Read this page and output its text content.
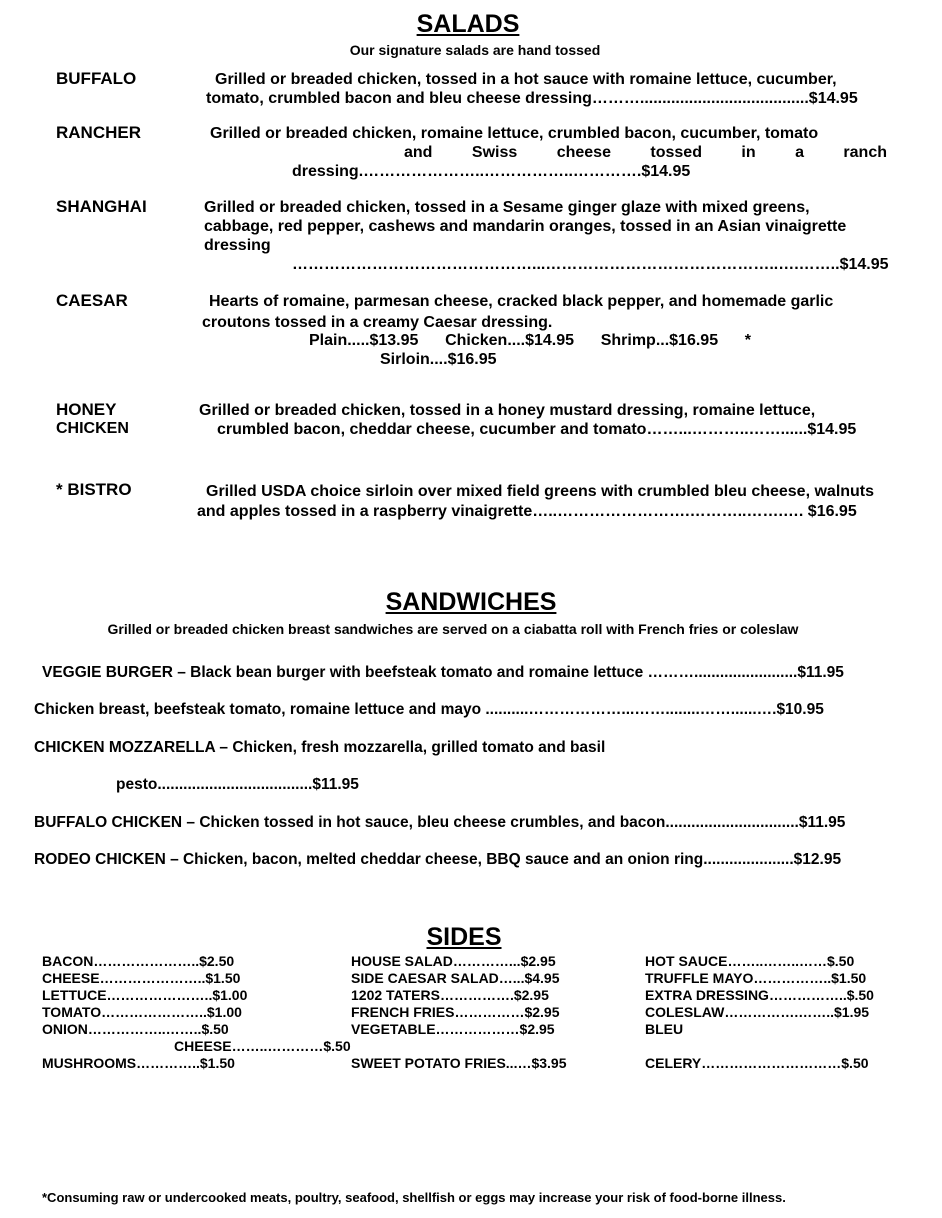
SALADS
Our signature salads are hand tossed
BUFFALO	Grilled or breaded chicken, tossed in a hot sauce with romaine lettuce, cucumber,
tomato, crumbled bacon and bleu cheese dressing………......................................$14.95
RANCHER	Grilled or breaded chicken, romaine lettuce, crumbled bacon, cucumber, tomato
and Swiss cheese tossed in a ranch
dressing.…………………..……………..………….$14.95
SHANGHAI	Grilled or breaded chicken, tossed in a Sesame ginger glaze with mixed greens,
cabbage, red pepper, cashews and mandarin oranges, tossed in an Asian vinaigrette
dressing
………………………………………...……………………………………..….……..$14.95
CAESAR	Hearts of romaine, parmesan cheese, cracked black pepper, and homemade garlic
croutons tossed in a creamy Caesar dressing.
Plain.....$13.95      Chicken....$14.95      Shrimp...$16.95      *
Sirloin....$16.95
HONEY
CHICKEN
Grilled or breaded chicken, tossed in a honey mustard dressing, romaine lettuce,
crumbled bacon, cheddar cheese, cucumber and tomato……...………..……......$14.95
* BISTRO	Grilled USDA choice sirloin over mixed field greens with crumbled bleu cheese, walnuts
and apples tossed in a raspberry vinaigrette…..…………………….………..…….…. $16.95
SANDWICHES
Grilled or breaded chicken breast sandwiches are served on a ciabatta roll with French fries or coleslaw
VEGGIE BURGER – Black bean burger with beefsteak tomato and romaine lettuce ………........................$11.95
Chicken breast, beefsteak tomato, romaine lettuce and mayo ..........………………...……........……......….$10.95
CHICKEN MOZZARELLA – Chicken, fresh mozzarella, grilled tomato and basil
pesto....................................$11.95
BUFFALO CHICKEN – Chicken tossed in hot sauce, bleu cheese crumbles, and bacon...............................$11.95
RODEO CHICKEN – Chicken, bacon, melted cheddar cheese, BBQ sauce and an onion ring.....................$12.95
SIDES
BACON…………………..$2.50
CHEESE…………………..$1.50
LETTUCE…………………..$1.00
TOMATO…………………..$1.00
ONION……………..……..$.50
CHEESE……..…………$.50
MUSHROOMS…………..$1.50
HOUSE SALAD…………...$2.95
SIDE CAESAR SALAD…...$4.95
1202 TATERS…………….$2.95
FRENCH FRIES……………$2.95
VEGETABLE………………$2.95
SWEET POTATO FRIES...…$3.95
HOT SAUCE……..……..……$.50
TRUFFLE MAYO……………..$1.50
EXTRA DRESSING……………..$.50
COLESLAW…………….……..$1.95
BLEU
CELERY…………………………$.50
*Consuming raw or undercooked meats, poultry, seafood, shellfish or eggs may increase your risk of food-borne illness.
